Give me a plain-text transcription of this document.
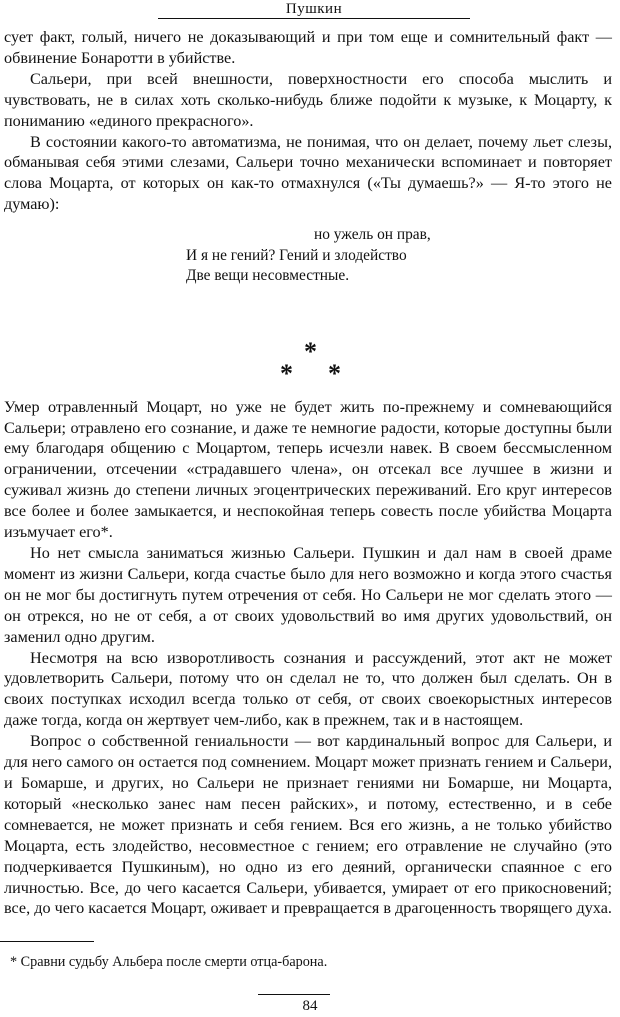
Пушкин

сует факт, голый, ничего не доказывающий и при том еще и сомнительный факт — обвинение Бонаротти в убийстве.

Сальери, при всей внешности, поверхностности его способа мыслить и чувствовать, не в силах хоть сколько-нибудь ближе подойти к музыке, к Моцарту, к пониманию «единого прекрасного».

В состоянии какого-то автоматизма, не понимая, что он делает, почему льет слезы, обманывая себя этими слезами, Сальери точно механически вспоминает и повторяет слова Моцарта, от которых он как-то отмахнулся («Ты думаешь?» — Я-то этого не думаю):

но ужель он прав,
И я не гений? Гений и злодейство
Две вещи несовместные.
*
* *

Умер отравленный Моцарт, но уже не будет жить по-прежнему и сомневающийся Сальери; отравлено его сознание, и даже те немногие радости, которые доступны были ему благодаря общению с Моцартом, теперь исчезли навек. В своем бессмысленном ограничении, отсечении «страдавшего члена», он отсекал все лучшее в жизни и суживал жизнь до степени личных эгоцентрических переживаний. Его круг интересов все более и более замыкается, и неспокойная теперь совесть после убийства Моцарта изъмучает его*.

Но нет смысла заниматься жизнью Сальери. Пушкин и дал нам в своей драме момент из жизни Сальери, когда счастье было для него возможно и когда этого счастья он не мог бы достигнуть путем отречения от себя. Но Сальери не мог сделать этого — он отрекся, но не от себя, а от своих удовольствий во имя других удовольствий, он заменил одно другим.

Несмотря на всю изворотливость сознания и рассуждений, этот акт не может удовлетворить Сальери, потому что он сделал не то, что должен был сделать. Он в своих поступках исходил всегда только от себя, от своих своекорыстных интересов даже тогда, когда он жертвует чем-либо, как в прежнем, так и в настоящем.

Вопрос о собственной гениальности — вот кардинальный вопрос для Сальери, и для него самого он остается под сомнением. Моцарт может признать гением и Сальери, и Бомарше, и других, но Сальери не признает гениями ни Бомарше, ни Моцарта, который «несколько занес нам песен райских», и потому, естественно, и в себе сомневается, не может признать и себя гением. Вся его жизнь, а не только убийство Моцарта, есть злодейство, несовместное с гением; его отравление не случайно (это подчеркивается Пушкиным), но одно из его деяний, органически спаянное с его личностью. Все, до чего касается Сальери, убивается, умирает от его прикосновений; все, до чего касается Моцарт, оживает и превращается в драгоценность творящего духа.

* Сравни судьбу Альбера после смерти отца-барона.
84
